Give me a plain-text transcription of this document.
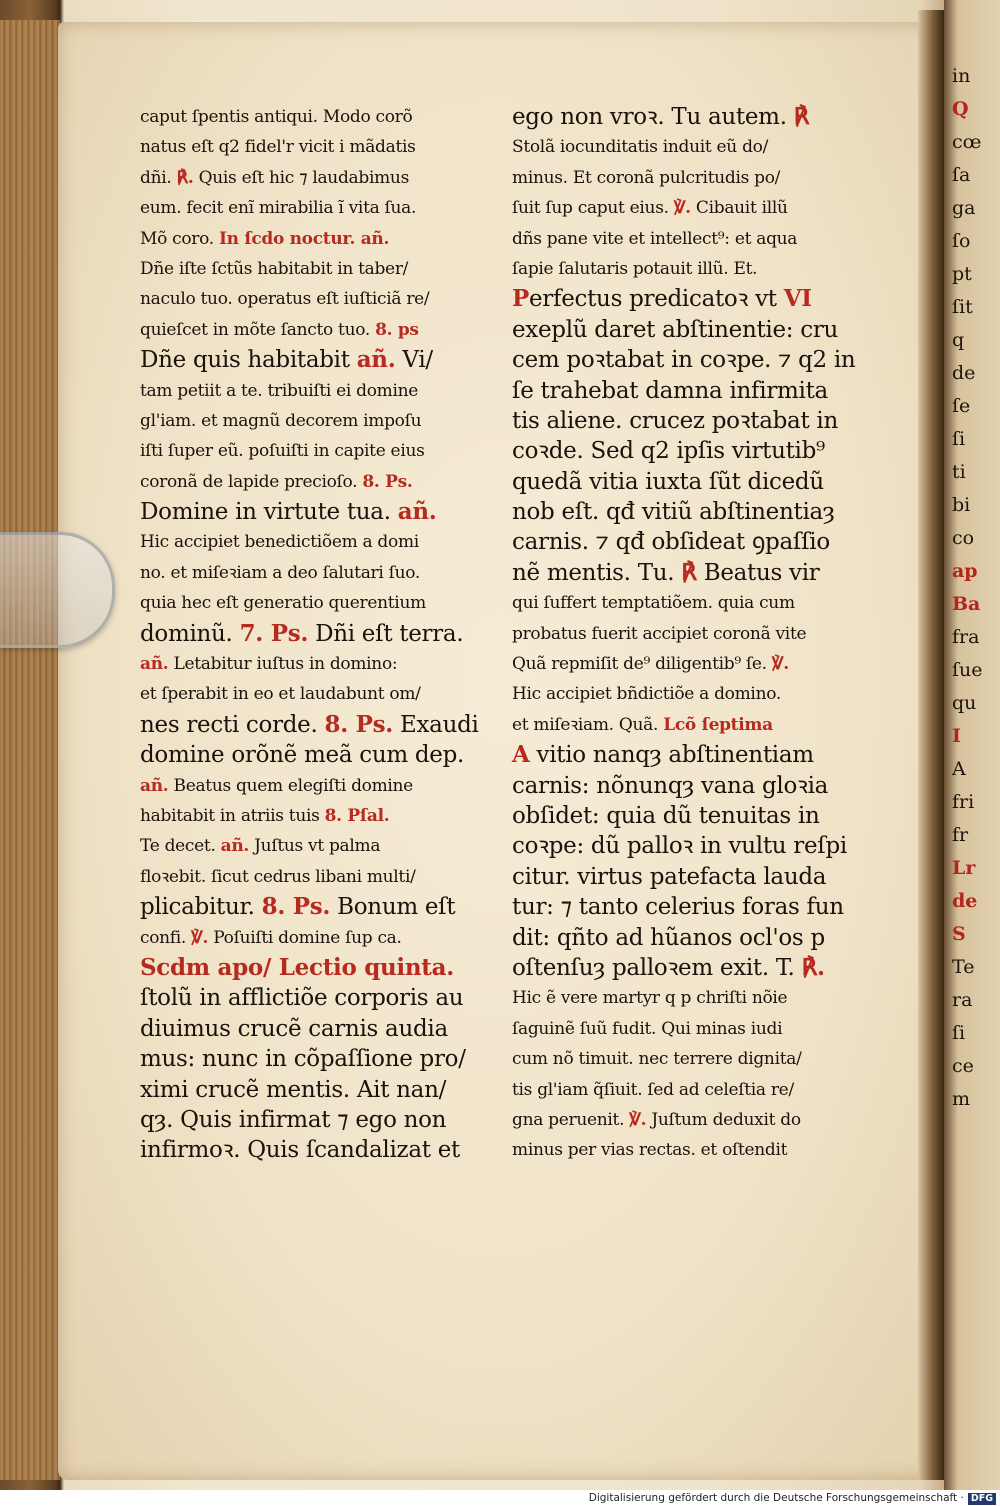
in
Q
cœ
ſa
ga
ſo
pt
ſit
q
de
ſe
ſi
ti
bi
co
ap
Ba
fra
ſue
qu
I
A
fri
fr
Lr
de
S
Te
ra
ſi
ce
m
caput ſpentis antiqui. Modo corõ
natus eſt q2 fidel'r vicit i mãdatis
dñi. ℟. Quis eſt hic ⁊ laudabimus
eum. fecit enĩ mirabilia ĩ vita ſua.
Mõ coro. In ſcdo noctur. añ.
Dñe iſte ſctũs habitabit in taber/
naculo tuo. operatus eſt iuſticiã re/
quieſcet in mõte ſancto tuo. 8. ps
Dñe quis habitabit añ. Vi/
tam petiit a te. tribuiſti ei domine
gl'iam. et magnũ decorem impoſu
iſti ſuper eũ. poſuiſti in capite eius
coronã de lapide precioſo. 8. Ps.
Domine in virtute tua. añ.
Hic accipiet benedictiõem a domi
no. et miſeꝛiam a deo ſalutari ſuo.
quia hec eſt generatio querentium
dominũ. 7. Ps. Dñi eſt terra.
añ. Letabitur iuſtus in domino:
et ſperabit in eo et laudabunt om/
nes recti corde. 8. Ps. Exaudi
domine orõnẽ meã cum dep.
añ. Beatus quem elegiſti domine
habitabit in atriis tuis 8. Pſal.
Te decet. añ. Juſtus vt palma
floꝛebit. ſicut cedrus libani multi/
plicabitur. 8. Ps. Bonum eſt
confi. ℣. Poſuiſti domine ſup ca.
Scdm apo/ Lectio quinta.
ſtolũ in afflictiõe corporis au
diuimus crucẽ carnis audia
mus: nunc in cõpaſſione pro/
ximi crucẽ mentis. Ait nan/
qȝ. Quis infirmat ⁊ ego non
infirmoꝛ. Quis ſcandalizat et
ego non vroꝛ. Tu autem. ℟
Stolã iocunditatis induit eũ do/
minus. Et coronã pulcritudis po/
ſuit ſup caput eius. ℣. Cibauit illũ
dñs pane vite et intellect⁹: et aqua
ſapie ſalutaris potauit illũ. Et.
Perfectus predicatoꝛ vt VI
exeplũ daret abſtinentie: cru
cem poꝛtabat in coꝛpe. ⁊ q2 in
ſe trahebat damna infirmita
tis aliene. crucez poꝛtabat in
coꝛde. Sed q2 ipſis virtutib⁹
quedã vitia iuxta ſũt dicedũ
nob eſt. qđ vitiũ abſtinentiaȝ
carnis. ⁊ qđ obſideat ꝯpaſſio
nẽ mentis. Tu. ℟ Beatus vir
qui ſuffert temptatiõem. quia cum
probatus fuerit accipiet coronã vite
Quã repmiſit de⁹ diligentib⁹ ſe. ℣.
Hic accipiet bñdictiõe a domino.
et miſeꝛiam. Quã. Lcõ ſeptima
A vitio nanqȝ abſtinentiam
carnis: nõnunqȝ vana gloꝛia
obſidet: quia dũ tenuitas in
coꝛpe: dũ palloꝛ in vultu reſpi
citur. virtus patefacta lauda
tur: ⁊ tanto celerius foras fun
dit: qñto ad hũanos ocl'os p
oſtenſuȝ palloꝛem exit. T. ℟.
Hic ẽ vere martyr q p chriſti nõie
ſaguinẽ ſuũ fudit. Qui minas iudi
cum nõ timuit. nec terrere dignita/
tis gl'iam q̃ſiuit. ſed ad celeſtia re/
gna peruenit. ℣. Juſtum deduxit do
minus per vias rectas. et oſtendit
Digitalisierung gefördert durch die Deutsche Forschungsgemeinschaft · DFG
